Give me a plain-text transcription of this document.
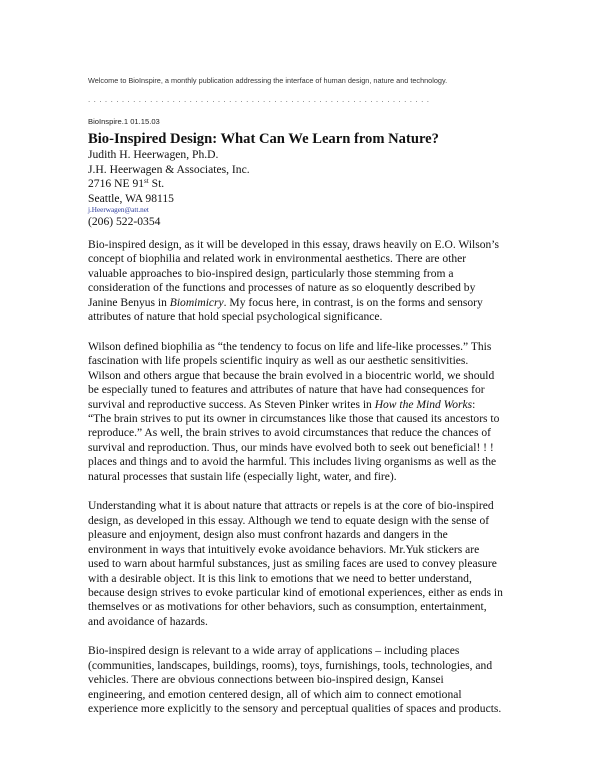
Welcome to BioInspire, a monthly publication addressing the interface of human design, nature and technology.
. . . . . . . . . . . . . . . . . . . . . . . . . . . . . . . . . . . . . . . . . . . . . . . . . . . . . . . . . . . . .
BioInspire.1 01.15.03
Bio-Inspired Design: What Can We Learn from Nature?
Judith H. Heerwagen, Ph.D.
J.H. Heerwagen & Associates, Inc.
2716 NE 91st St.
Seattle, WA 98115
j.Heerwagen@att.net
(206) 522-0354

Bio-inspired design, as it will be developed in this essay, draws heavily on E.O. Wilson’s
concept of biophilia and related work in environmental aesthetics. There are other
valuable approaches to bio-inspired design, particularly those stemming from a
consideration of the functions and processes of nature as so eloquently described by
Janine Benyus in Biomimicry. My focus here, in contrast, is on the forms and sensory
attributes of nature that hold special psychological significance.

Wilson defined biophilia as “the tendency to focus on life and life-like processes.” This
fascination with life propels scientific inquiry as well as our aesthetic sensitivities.
Wilson and others argue that because the brain evolved in a biocentric world, we should
be especially tuned to features and attributes of nature that have had consequences for
survival and reproductive success. As Steven Pinker writes in How the Mind Works:
“The brain strives to put its owner in circumstances like those that caused its ancestors to
reproduce.” As well, the brain strives to avoid circumstances that reduce the chances of
survival and reproduction. Thus, our minds have evolved both to seek out beneficial! ! !
places and things and to avoid the harmful. This includes living organisms as well as the
natural processes that sustain life (especially light, water, and fire).

Understanding what it is about nature that attracts or repels is at the core of bio-inspired
design, as developed in this essay. Although we tend to equate design with the sense of
pleasure and enjoyment, design also must confront hazards and dangers in the
environment in ways that intuitively evoke avoidance behaviors. Mr.Yuk stickers are
used to warn about harmful substances, just as smiling faces are used to convey pleasure
with a desirable object. It is this link to emotions that we need to better understand,
because design strives to evoke particular kind of emotional experiences, either as ends in
themselves or as motivations for other behaviors, such as consumption, entertainment,
and avoidance of hazards.

Bio-inspired design is relevant to a wide array of applications – including places
(communities, landscapes, buildings, rooms), toys, furnishings, tools, technologies, and
vehicles. There are obvious connections between bio-inspired design, Kansei
engineering, and emotion centered design, all of which aim to connect emotional
experience more explicitly to the sensory and perceptual qualities of spaces and products.
